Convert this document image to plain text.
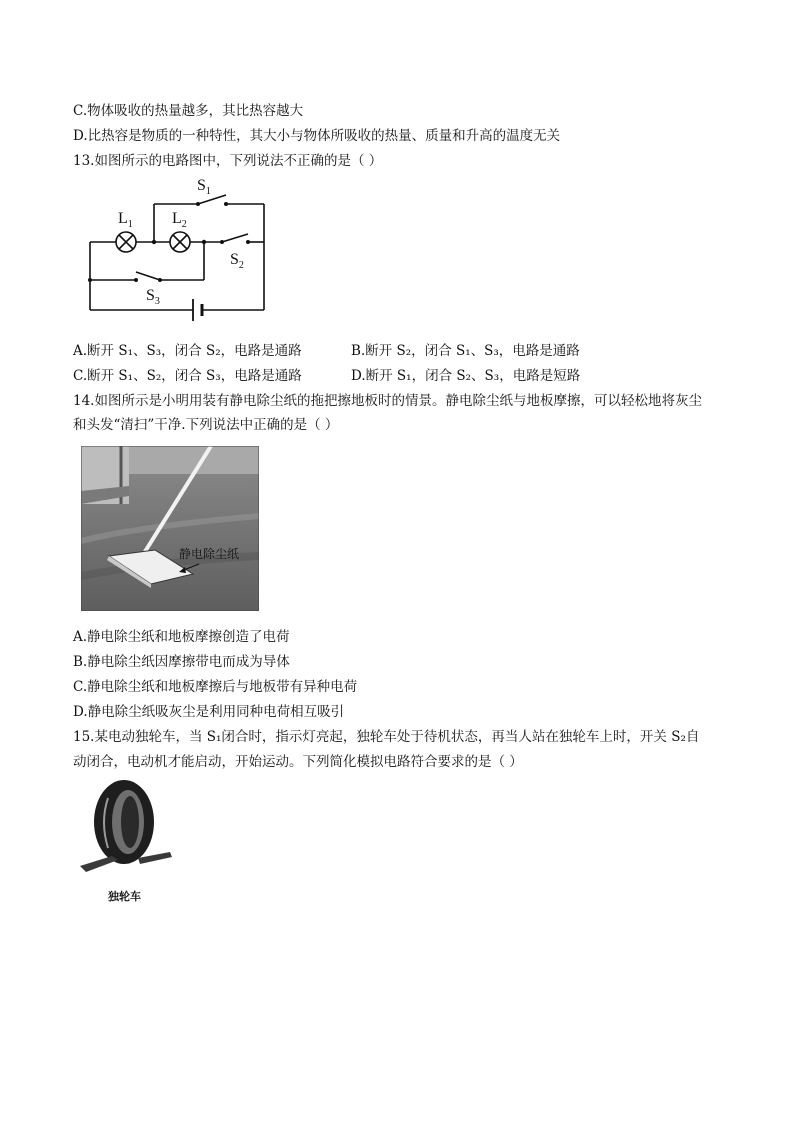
C.物体吸收的热量越多，其比热容越大
D.比热容是物质的一种特性，其大小与物体所吸收的热量、质量和升高的温度无关
13.如图所示的电路图中，下列说法不正确的是（ ）
$L_1$ $L_2$
$S_1$
$S_2$
$S_3$
A.断开 S₁、S₃，闭合 S₂，电路是通路	B.断开 S₂，闭合 S₁、S₃，电路是通路
C.断开 S₁、S₂，闭合 S₃，电路是通路	D.断开 S₁，闭合 S₂、S₃，电路是短路
14.如图所示是小明用装有静电除尘纸的拖把擦地板时的情景。静电除尘纸与地板摩擦，可以轻松地将灰尘
和头发“清扫”干净.下列说法中正确的是（ ）
静电除尘纸
A.静电除尘纸和地板摩擦创造了电荷
B.静电除尘纸因摩擦带电而成为导体
C.静电除尘纸和地板摩擦后与地板带有异种电荷
D.静电除尘纸吸灰尘是利用同种电荷相互吸引
15.某电动独轮车，当 S₁闭合时，指示灯亮起，独轮车处于待机状态，再当人站在独轮车上时，开关 S₂自
动闭合，电动机才能启动，开始运动。下列简化模拟电路符合要求的是（ ）
独轮车
